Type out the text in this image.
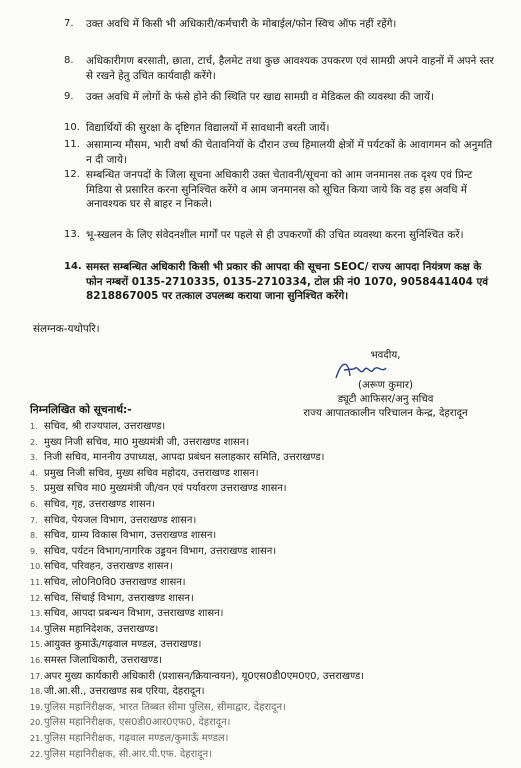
7. उक्त अवधि में किसी भी अधिकारी/कर्मचारी के मोबाईल/फोन स्विच ऑफ नहीं रहेंगे।
8. अधिकारीगण बरसाती, छाता, टार्च, हैलमेट तथा कुछ आवश्यक उपकरण एवं सामग्री अपने वाहनों में अपने स्तर से रखने हेतु उचित कार्यवाही करेंगे।
9. उक्त अवधि में लोगों के फंसे होने की स्थिति पर खाद्य सामग्री व मेडिकल की व्यवस्था की जायें।
10. विद्यार्थियों की सुरक्षा के दृष्टिगत विद्यालयों में सावधानी बरती जायें।
11. असामान्य मौसम, भारी वर्षा की चेतावनियों के दौरान उच्च हिमालयी क्षेत्रों में पर्यटकों के आवागमन को अनुमति न दी जाये।
12. सम्बन्धित जनपदों के जिला सूचना अधिकारी उक्त चेतावनी/सूचना को आम जनमानस तक दृश्य एवं प्रिन्ट मिडिया से प्रसारित करना सुनिश्चित करेंगे व आम जनमानस को सूचित किया जाये कि वह इस अवधि में अनावश्यक घर से बाहर न निकले।
13. भू-स्खलन के लिए संवेदनशील मार्गों पर पहले से ही उपकरणों की उचित व्यवस्था करना सुनिश्चित करें।
14. समस्त सम्बन्धित अधिकारी किसी भी प्रकार की आपदा की सूचना SEOC/ राज्य आपदा नियंत्रण कक्ष के फोन नम्बरों 0135-2710335, 0135-2710334, टोल फ्री नं0 1070, 9058441404 एवं 8218867005 पर तत्काल उपलब्ध कराया जाना सुनिश्चित करेंगे।
संलग्नक-यथोपरि।
भवदीय,
(अरूण कुमार)
ड्यूटी आफिसर/अनु सचिव
राज्य आपातकालीन परिचालन केन्द्र, देहरादून
निम्नलिखित को सूचनार्थ:-
1. सचिव, श्री राज्यपाल, उत्तराखण्ड।
2. मुख्य निजी सचिव, मा0 मुख्यमंत्री जी, उत्तराखण्ड शासन।
3. निजी सचिव, माननीय उपाध्यक्ष, आपदा प्रबंधन सलाहकार समिति, उत्तराखण्ड।
4. प्रमुख निजी सचिव, मुख्य सचिव महोदय, उत्तराखण्ड शासन।
5. प्रमुख सचिव मा0 मुख्यमंत्री जी/वन एवं पर्यावरण उत्तराखण्ड शासन।
6. सचिव, गृह, उत्तराखण्ड शासन।
7. सचिव, पेयजल विभाग, उत्तराखण्ड शासन।
8. सचिव, ग्राम्य विकास विभाग, उत्तराखण्ड शासन।
9. सचिव, पर्यटन विभाग/नागरिक उड्डयन विभाग, उत्तराखण्ड शासन।
10.सचिव, परिवहन, उत्तराखण्ड शासन।
11.सचिव, लो0नि0वि0 उत्तराखण्ड शासन।
12.सचिव, सिंचाई विभाग, उत्तराखण्ड शासन।
13.सचिव, आपदा प्रबन्धन विभाग, उत्तराखण्ड शासन।
14.पुलिस महानिदेशक, उत्तराखण्ड।
15.आयुक्त कुमाऊँ/गढ़वाल मण्डल, उत्तराखण्ड।
16.समस्त जिलाधिकारी, उत्तराखण्ड।
17.अपर मुख्य कार्यकारी अधिकारी (प्रशासन/क्रियान्वयन), यू0एस0डी0एम0ए0, उत्तराखण्ड।
18.जी.आ.सी., उत्तराखण्ड सब एरिया, देहरादून।
19.पुलिस महानिरीक्षक, भारत तिब्बत सीमा पुलिस, सीमाद्वार, देहरादून।
20.पुलिस महानिरीक्षक, एस0डी0आर0एफ0, देहरादून।
21.पुलिस महानिरीक्षक, गढ़वाल मण्डल/कुमाऊँ मण्डल।
22.पुलिस महानिरीक्षक, सी.आर.पी.एफ. देहरादून।
